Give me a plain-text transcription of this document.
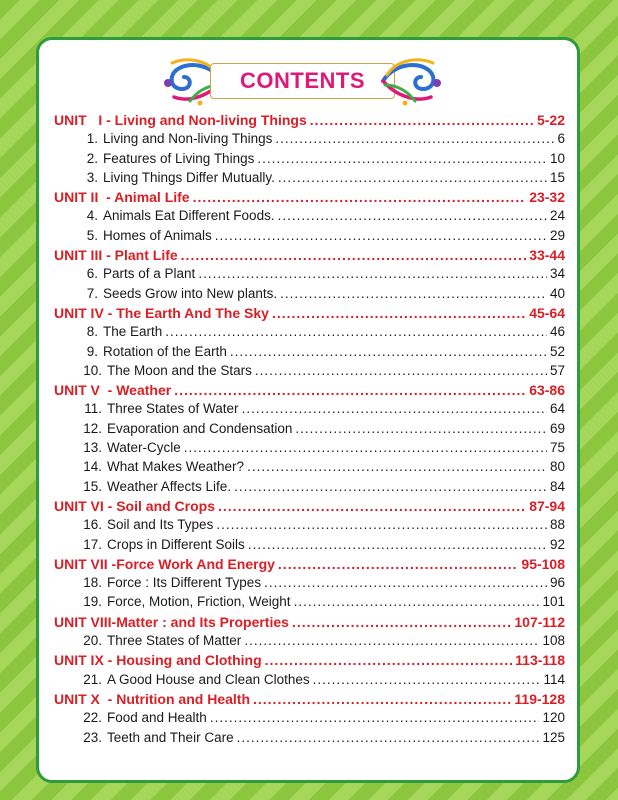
CONTENTS
UNIT   I - Living and Non-living Things .....	5-22
1. Living and Non-living Things .....	6
2. Features of Living Things .....	10
3. Living Things Differ Mutually. .....	15
UNIT II  - Animal Life .....	23-32
4. Animals Eat Different Foods. .....	24
5. Homes of Animals .....	29
UNIT III - Plant Life .....	33-44
6. Parts of a Plant .....	34
7. Seeds Grow into New plants. .....	40
UNIT IV - The Earth And The Sky .....	45-64
8. The Earth .....	46
9. Rotation of the Earth .....	52
10. The Moon and the Stars .....	57
UNIT V  - Weather .....	63-86
11. Three States of Water .....	64
12. Evaporation and Condensation .....	69
13. Water-Cycle .....	75
14. What Makes Weather? .....	80
15. Weather Affects Life. .....	84
UNIT VI - Soil and Crops .....	87-94
16. Soil and Its Types .....	88
17. Crops in Different Soils .....	92
UNIT VII -Force Work And Energy .....	95-108
18. Force : Its Different Types .....	96
19. Force, Motion, Friction, Weight .....	101
UNIT VIII-Matter : and Its Properties .....	107-112
20. Three States of Matter .....	108
UNIT IX - Housing and Clothing .....	113-118
21. A Good House and Clean Clothes .....	114
UNIT X  - Nutrition and Health .....	119-128
22. Food and Health .....	120
23. Teeth and Their Care .....	125
